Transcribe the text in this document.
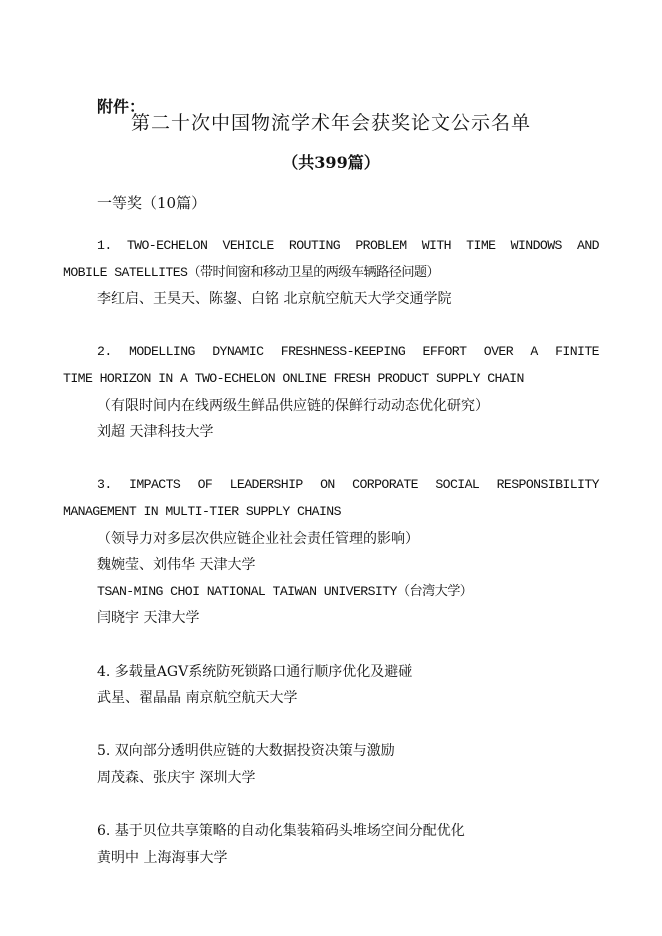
附件：
第二十次中国物流学术年会获奖论文公示名单
（共399篇）
一等奖（10篇）
1. TWO-ECHELON VEHICLE ROUTING PROBLEM WITH TIME WINDOWS AND
MOBILE SATELLITES（带时间窗和移动卫星的两级车辆路径问题）
李红启、王昊天、陈鋆、白铭 北京航空航天大学交通学院
2. MODELLING DYNAMIC FRESHNESS-KEEPING EFFORT OVER A FINITE
TIME HORIZON IN A TWO-ECHELON ONLINE FRESH PRODUCT SUPPLY CHAIN
（有限时间内在线两级生鲜品供应链的保鲜行动动态优化研究）
刘超 天津科技大学
3. IMPACTS OF LEADERSHIP ON CORPORATE SOCIAL RESPONSIBILITY
MANAGEMENT IN MULTI-TIER SUPPLY CHAINS
（领导力对多层次供应链企业社会责任管理的影响）
魏婉莹、刘伟华 天津大学
TSAN-MING CHOI NATIONAL TAIWAN UNIVERSITY（台湾大学）
闫晓宇 天津大学
4. 多载量AGV系统防死锁路口通行顺序优化及避碰
武星、翟晶晶 南京航空航天大学
5. 双向部分透明供应链的大数据投资决策与激励
周茂森、张庆宇 深圳大学
6. 基于贝位共享策略的自动化集装箱码头堆场空间分配优化
黄明中 上海海事大学
